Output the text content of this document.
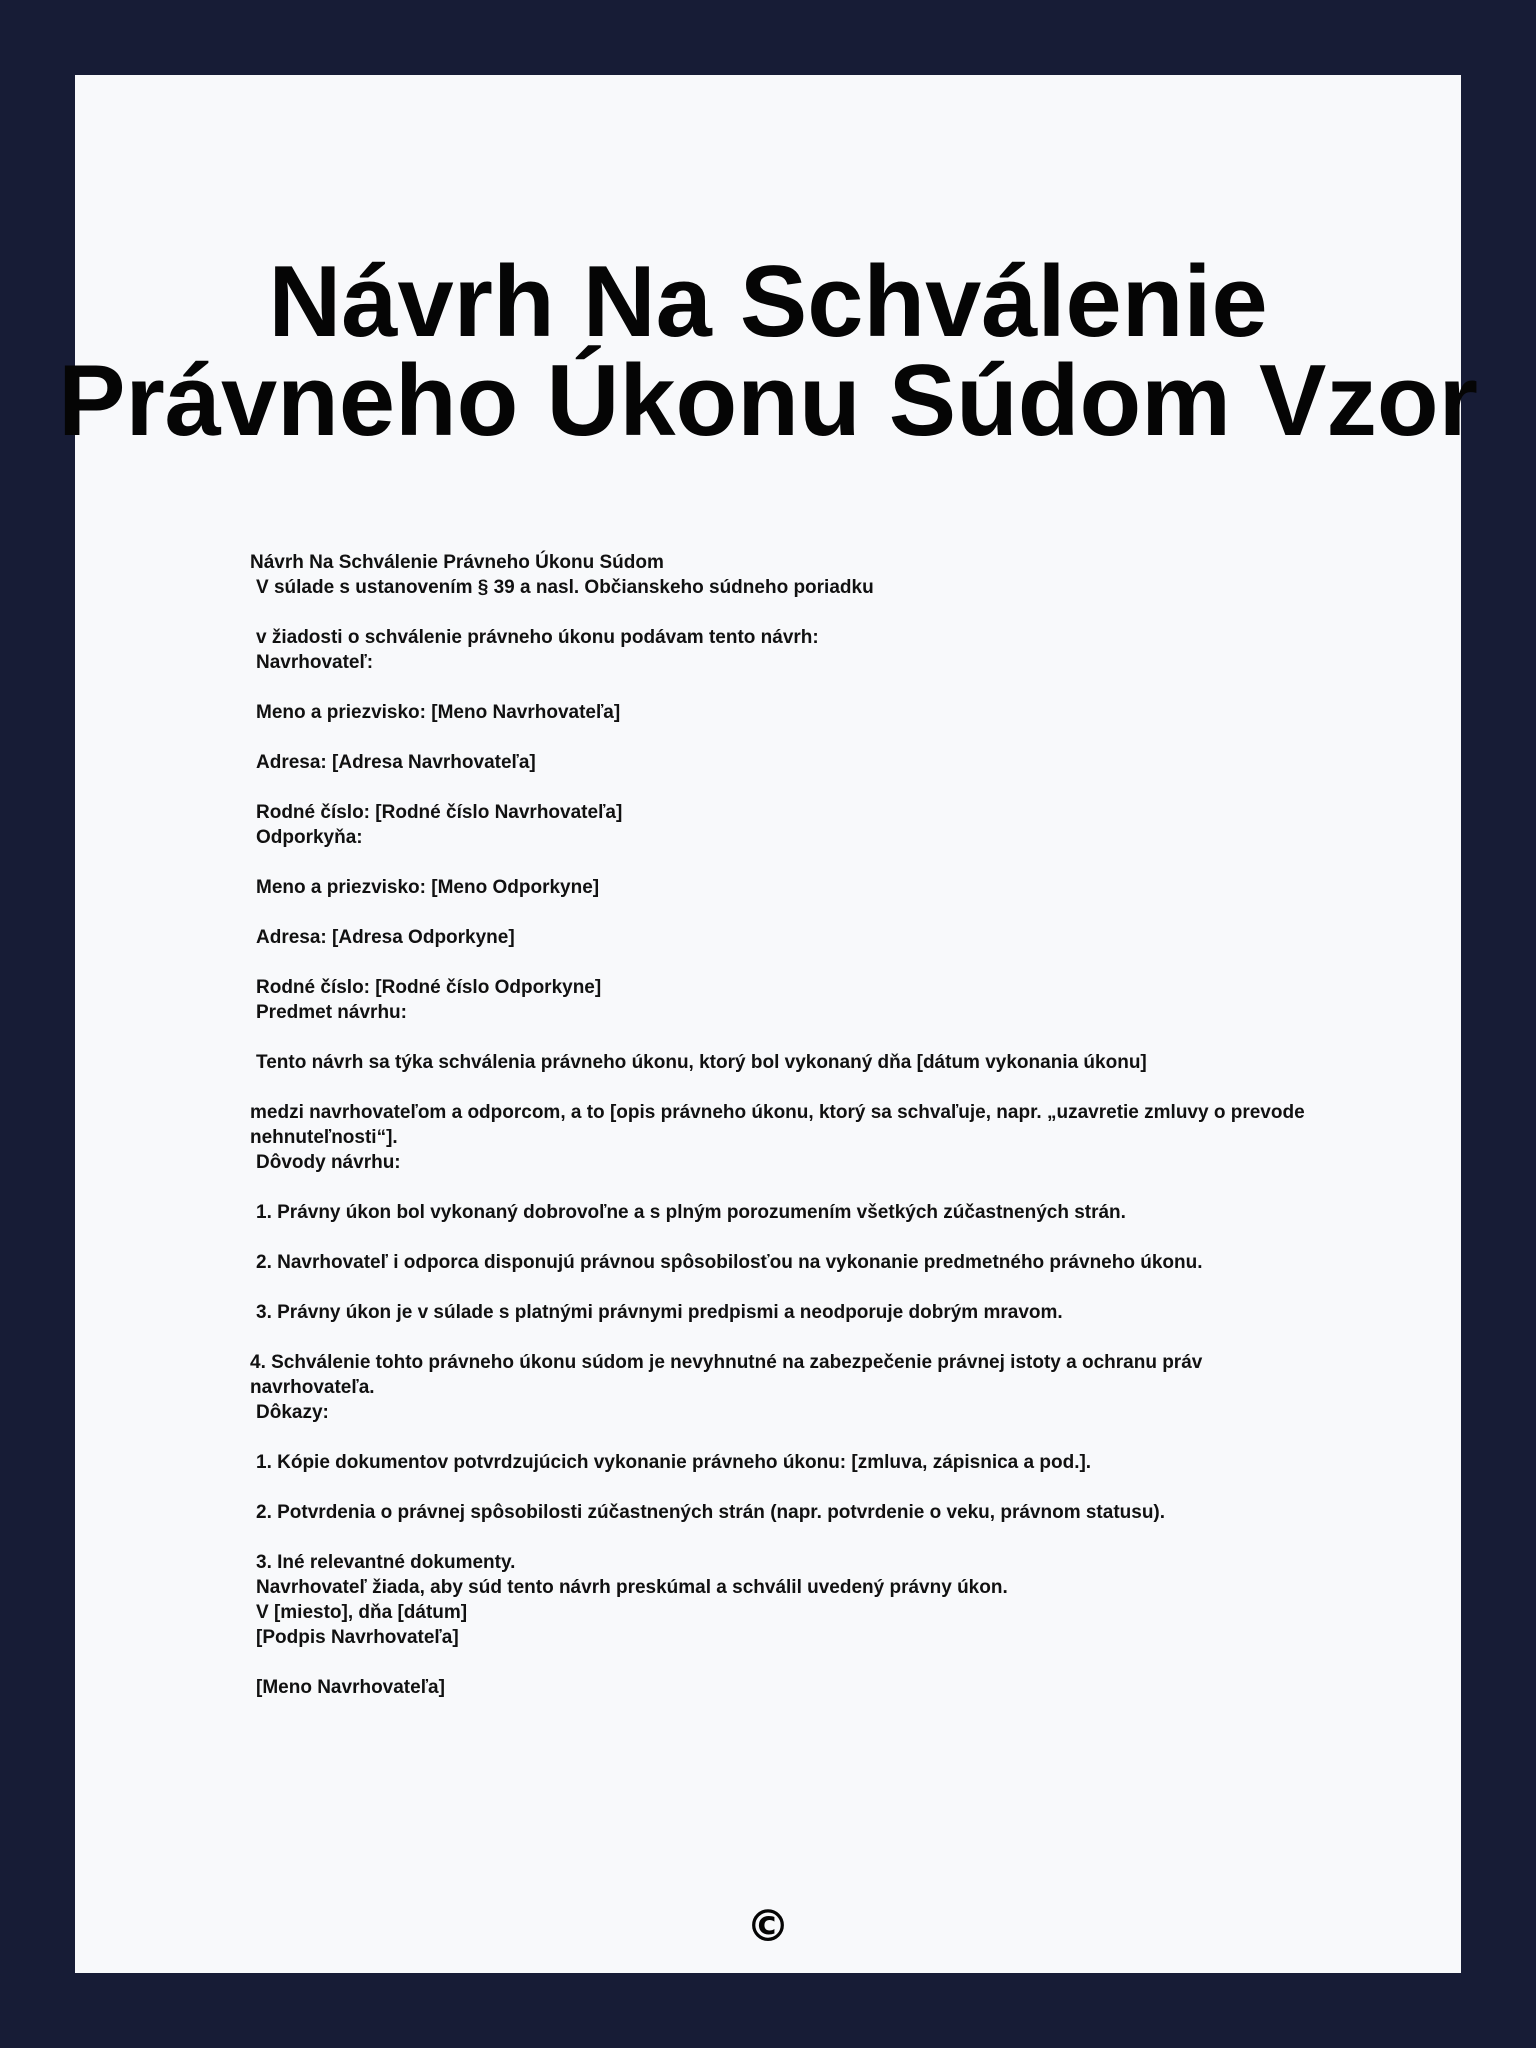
Návrh Na Schválenie
Právneho Úkonu Súdom Vzor
Návrh Na Schválenie Právneho Úkonu Súdom
V súlade s ustanovením § 39 a nasl. Občianskeho súdneho poriadku
v žiadosti o schválenie právneho úkonu podávam tento návrh:
Navrhovateľ:
Meno a priezvisko: [Meno Navrhovateľa]
Adresa: [Adresa Navrhovateľa]
Rodné číslo: [Rodné číslo Navrhovateľa]
Odporkyňa:
Meno a priezvisko: [Meno Odporkyne]
Adresa: [Adresa Odporkyne]
Rodné číslo: [Rodné číslo Odporkyne]
Predmet návrhu:
Tento návrh sa týka schválenia právneho úkonu, ktorý bol vykonaný dňa [dátum vykonania úkonu]
medzi navrhovateľom a odporcom, a to [opis právneho úkonu, ktorý sa schvaľuje, napr. „uzavretie zmluvy o prevode nehnuteľnosti“].
Dôvody návrhu:
1. Právny úkon bol vykonaný dobrovoľne a s plným porozumením všetkých zúčastnených strán.
2. Navrhovateľ i odporca disponujú právnou spôsobilosťou na vykonanie predmetného právneho úkonu.
3. Právny úkon je v súlade s platnými právnymi predpismi a neodporuje dobrým mravom.
4. Schválenie tohto právneho úkonu súdom je nevyhnutné na zabezpečenie právnej istoty a ochranu práv navrhovateľa.
Dôkazy:
1. Kópie dokumentov potvrdzujúcich vykonanie právneho úkonu: [zmluva, zápisnica a pod.].
2. Potvrdenia o právnej spôsobilosti zúčastnených strán (napr. potvrdenie o veku, právnom statusu).
3. Iné relevantné dokumenty.
Navrhovateľ žiada, aby súd tento návrh preskúmal a schválil uvedený právny úkon.
V [miesto], dňa [dátum]
[Podpis Navrhovateľa]
[Meno Navrhovateľa]
©
